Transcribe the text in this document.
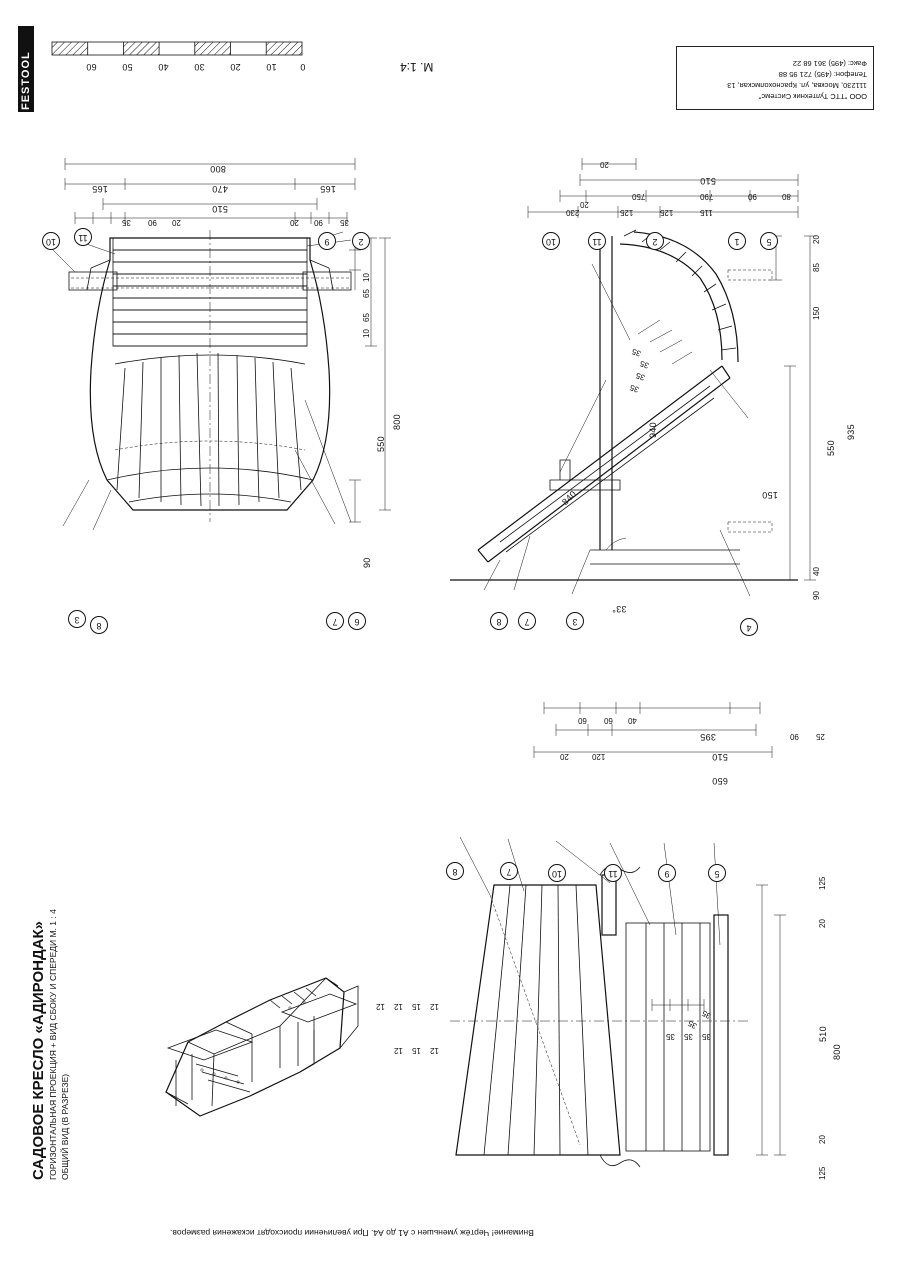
FESTOOL	ООО "ТТС Тултехник Системс"

111230, Москва, ул. Краснохолмская, 13

Телефон: (495) 721 95 88

Факс: (495) 361 68 22

0
10
20
30
40
50
60	M. 1:4
САДОВОЕ КРЕСЛО «АДИРОНДАК» ГОРИЗОНТАЛЬНАЯ ПРОЕКЦИЯ + ВИД СБОКУ И СПЕРЕДИ М. 1 : 4 ОБЩИЙ ВИД (В РАЗРЕЗЕ)
Внимание! Чертёж уменьшен с А1 до А4. При увеличении происходят искажения размеров.
800
165	470	165
510
35 90 20	20 90 35
800
550
10
65
65
10
90
10	11	9	2
3
8	7	6
20
510
20
750	790	90	80
230	125	125	115
935
550
20
85
150
40
90
940
840	150
33°
35
35
35
35
10	11	2	1	5
8	7	3
4
25
90
60
60	40
395
120
20	510
650
12
15
12
12
12
15
12
35
35
35
35
35
125
20
510
800
20
125
8	7	10	11	9	5
